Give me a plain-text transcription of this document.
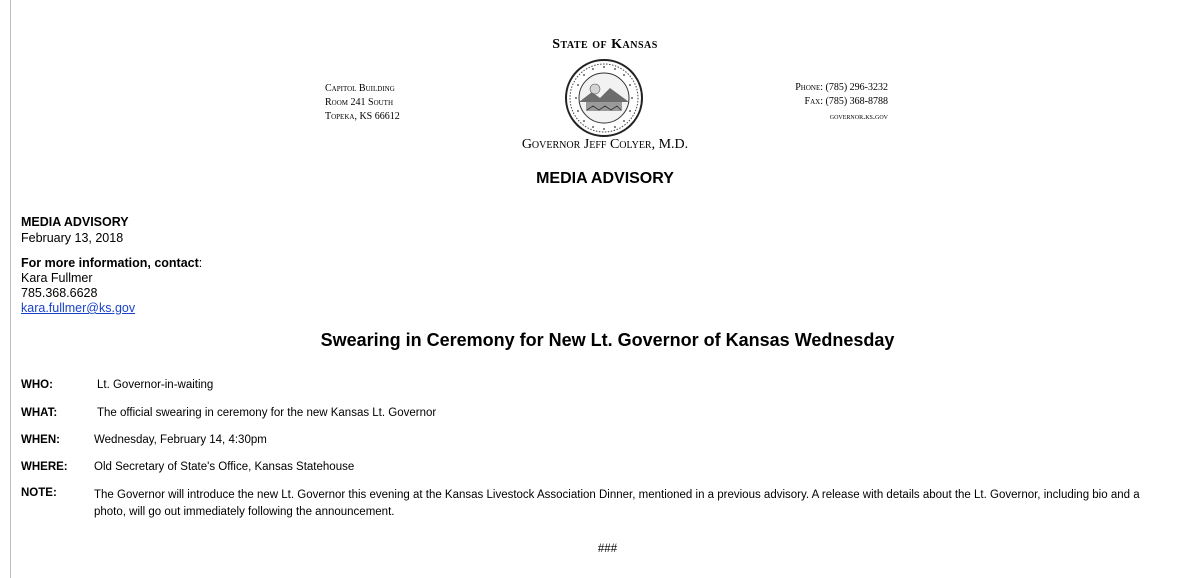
State of Kansas
Capitol Building
Room 241 South
Topeka, KS 66612
Phone: (785) 296-3232
Fax: (785) 368-8788
governor.ks.gov
Governor Jeff Colyer, M.D.
MEDIA ADVISORY
MEDIA ADVISORY
February 13, 2018
For more information, contact:
Kara Fullmer
785.368.6628
kara.fullmer@ks.gov
Swearing in Ceremony for New Lt. Governor of Kansas Wednesday
WHO:	Lt. Governor-in-waiting
WHAT:	The official swearing in ceremony for the new Kansas Lt. Governor
WHEN:	Wednesday, February 14, 4:30pm
WHERE: Old Secretary of State's Office, Kansas Statehouse
NOTE:	The Governor will introduce the new Lt. Governor this evening at the Kansas Livestock Association Dinner, mentioned in a previous advisory. A release with details about the Lt. Governor, including bio and a photo, will go out immediately following the announcement.
###
